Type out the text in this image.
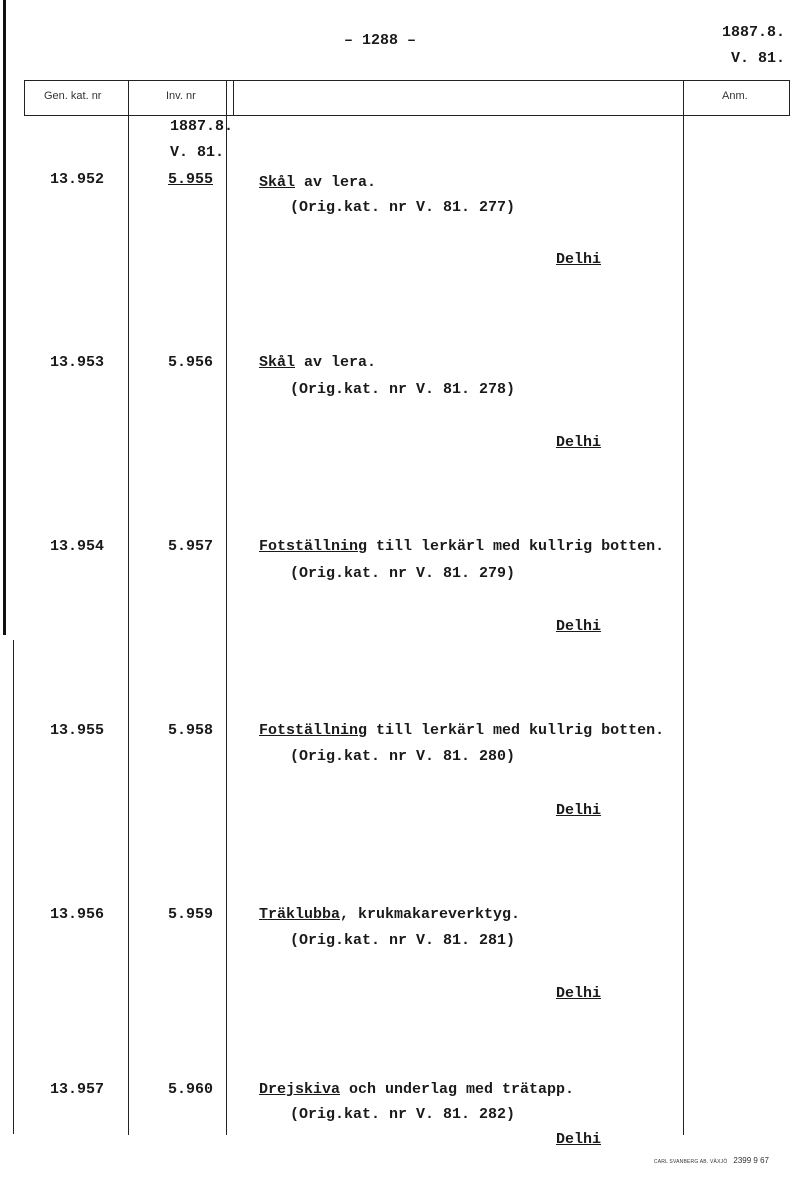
– 1288 –	1887.8.
V. 81.
Gen. kat. nr	Inv. nr	Anm.
1887.8.
V. 81.
13.952	5.955	Skål av lera.
(Orig.kat. nr V. 81. 277)
Delhi
13.953	5.956	Skål av lera.
(Orig.kat. nr V. 81. 278)
Delhi
13.954	5.957	Fotställning till lerkärl med kullrig botten.
(Orig.kat. nr V. 81. 279)
Delhi
13.955	5.958	Fotställning till lerkärl med kullrig botten.
(Orig.kat. nr V. 81. 280)
Delhi
13.956	5.959	Träklubba, krukmakareverktyg.
(Orig.kat. nr V. 81. 281)
Delhi
13.957	5.960	Drejskiva och underlag med trätapp.
(Orig.kat. nr V. 81. 282)
Delhi
CARL SVANBERG AB. VÄXJÖ 2399 9 67
